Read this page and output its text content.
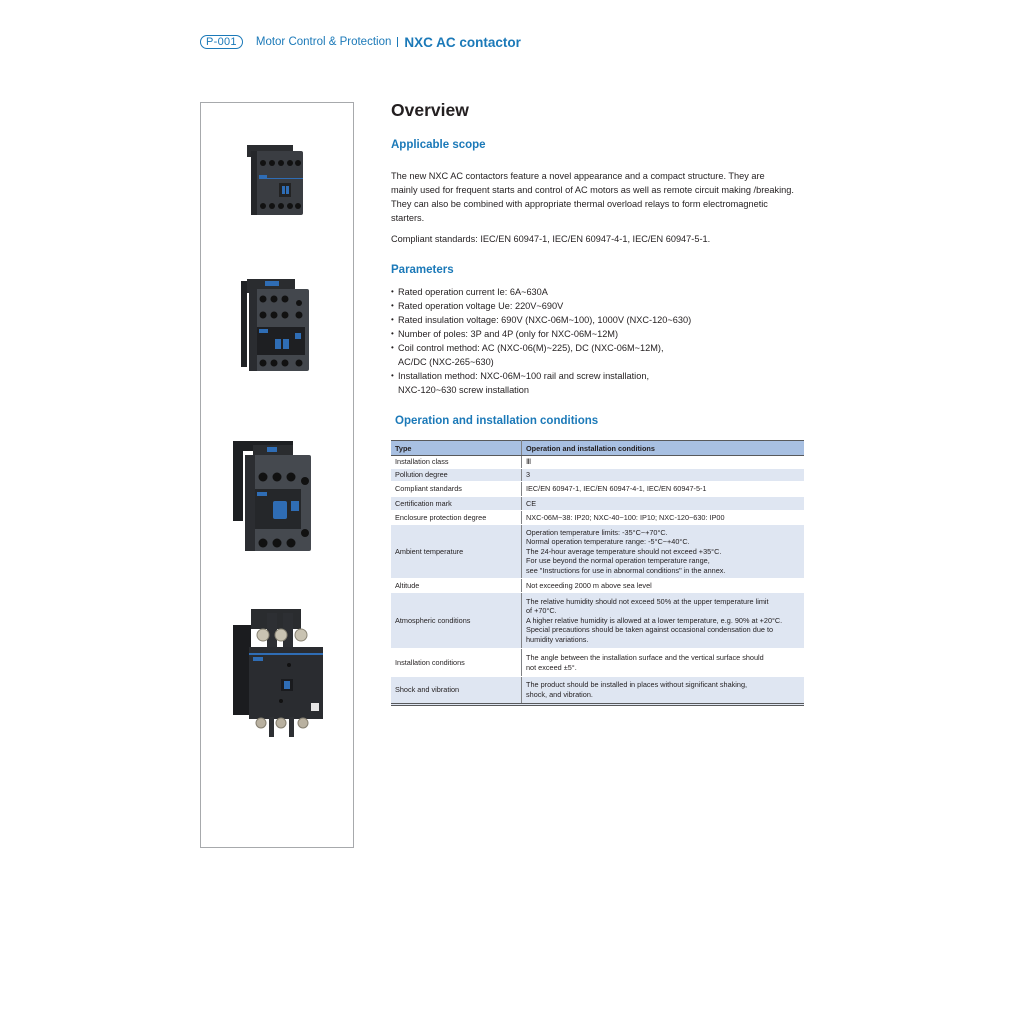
P-001	Motor Control & Protection NXC AC contactor
Overview
Applicable scope
The new NXC AC contactors feature a novel appearance and a compact structure. They are
mainly used for frequent starts and control of AC motors as well as remote circuit making /breaking.
They can also be combined with appropriate thermal overload relays to form electromagnetic
starters.
Compliant standards: IEC/EN 60947-1, IEC/EN 60947-4-1, IEC/EN 60947-5-1.
Parameters
• Rated operation current Ie: 6A~630A
• Rated operation voltage Ue: 220V~690V
• Rated insulation voltage: 690V (NXC-06M~100), 1000V (NXC-120~630)
• Number of poles: 3P and 4P (only for NXC-06M~12M)
• Coil control method: AC (NXC-06(M)~225), DC (NXC-06M~12M),
AC/DC (NXC-265~630)
• Installation method: NXC-06M~100 rail and screw installation,
NXC-120~630 screw installation
Operation and installation conditions
Type	Operation and installation conditions
Installation class	Ⅲ
Pollution degree	3
Compliant standards	IEC/EN 60947-1, IEC/EN 60947-4-1, IEC/EN 60947-5-1
Certification mark	CE
Enclosure protection degree	NXC-06M~38: IP20; NXC-40~100: IP10; NXC-120~630: IP00
Ambient temperature	Operation temperature limits: -35°C~+70°C.
Normal operation temperature range: -5°C~+40°C.
The 24-hour average temperature should not exceed +35°C.
For use beyond the normal operation temperature range,
see "Instructions for use in abnormal conditions" in the annex.

Altitude	Not exceeding 2000 m above sea level
Atmospheric conditions	The relative humidity should not exceed 50% at the upper temperature limit
of +70°C.
A higher relative humidity is allowed at a lower temperature, e.g. 90% at +20°C.
Special precautions should be taken against occasional condensation due to
humidity variations.

Installation conditions	The angle between the installation surface and the vertical surface should
not exceed ±5°.

Shock and vibration	The product should be installed in places without significant shaking,
shock, and vibration.
